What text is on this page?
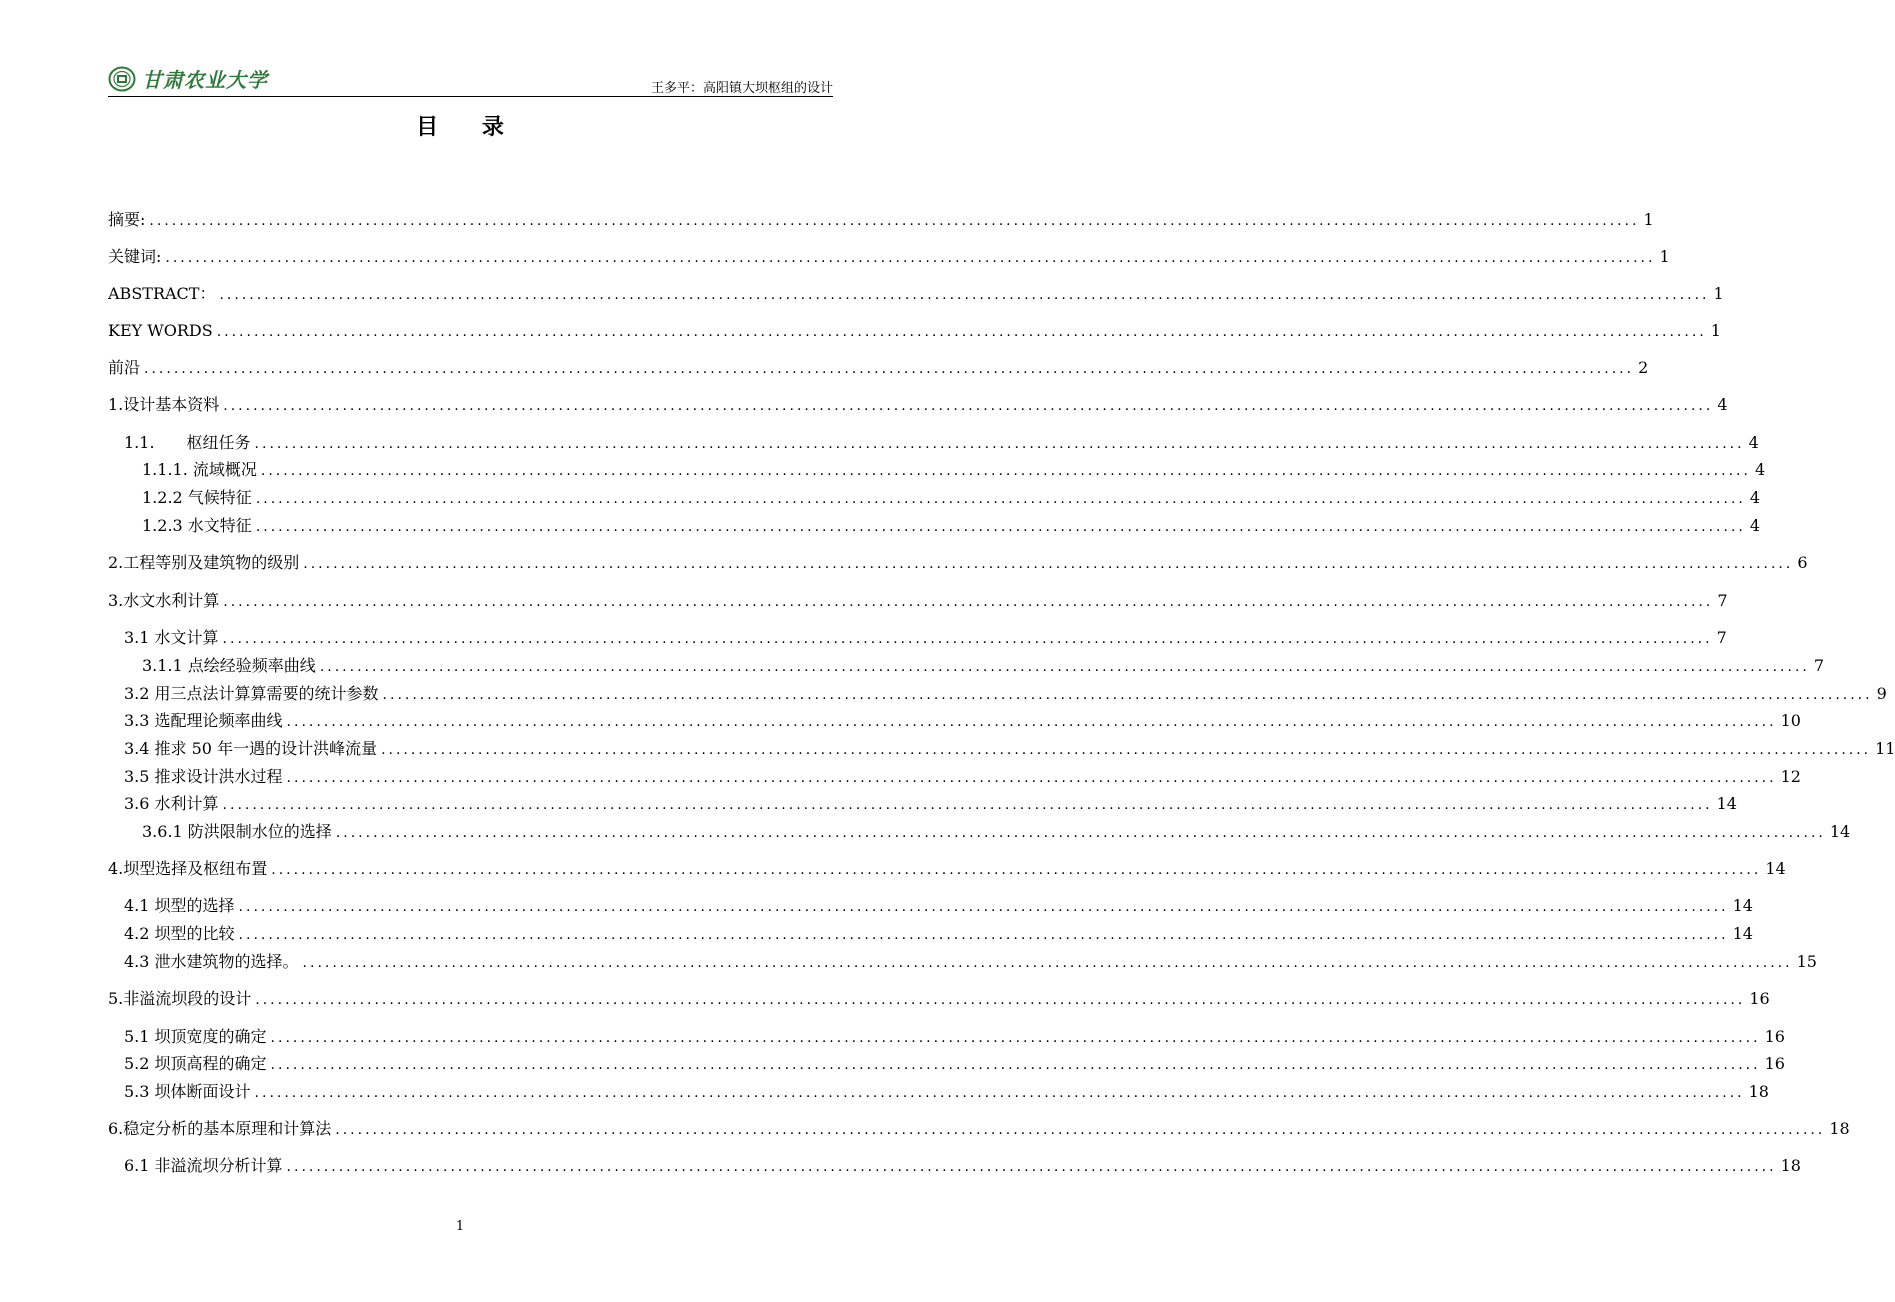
甘肃农业大学	王多平：高阳镇大坝枢组的设计
目 录
摘要: ........................................................................................................................................................................................................ 1
关键词: ........................................................................................................................................................................................................ 1
ABSTRACT： ........................................................................................................................................................................................................ 1
KEY WORDS ........................................................................................................................................................................................................ 1
前沿 ........................................................................................................................................................................................................ 2
1.设计基本资料 ........................................................................................................................................................................................................ 4
1.1.　　枢纽任务 ........................................................................................................................................................................................................ 4
1.1.1. 流域概况 ........................................................................................................................................................................................................ 4
1.2.2 气候特征 ........................................................................................................................................................................................................ 4
1.2.3 水文特征 ........................................................................................................................................................................................................ 4
2.工程等别及建筑物的级别 ........................................................................................................................................................................................................ 6
3.水文水利计算 ........................................................................................................................................................................................................ 7
3.1 水文计算 ........................................................................................................................................................................................................ 7
3.1.1 点绘经验频率曲线 ........................................................................................................................................................................................................ 7
3.2 用三点法计算算需要的统计参数 ........................................................................................................................................................................................................ 9
3.3 选配理论频率曲线 ........................................................................................................................................................................................................ 10
3.4 推求 50 年一遇的设计洪峰流量 ........................................................................................................................................................................................................ 11
3.5 推求设计洪水过程 ........................................................................................................................................................................................................ 12
3.6 水利计算 ........................................................................................................................................................................................................ 14
3.6.1 防洪限制水位的选择 ........................................................................................................................................................................................................ 14
4.坝型选择及枢纽布置 ........................................................................................................................................................................................................ 14
4.1 坝型的选择 ........................................................................................................................................................................................................ 14
4.2 坝型的比较 ........................................................................................................................................................................................................ 14
4.3 泄水建筑物的选择。 ........................................................................................................................................................................................................ 15
5.非溢流坝段的设计 ........................................................................................................................................................................................................ 16
5.1 坝顶宽度的确定 ........................................................................................................................................................................................................ 16
5.2 坝顶高程的确定 ........................................................................................................................................................................................................ 16
5.3 坝体断面设计 ........................................................................................................................................................................................................ 18
6.稳定分析的基本原理和计算法 ........................................................................................................................................................................................................ 18
6.1 非溢流坝分析计算 ........................................................................................................................................................................................................ 18
1
